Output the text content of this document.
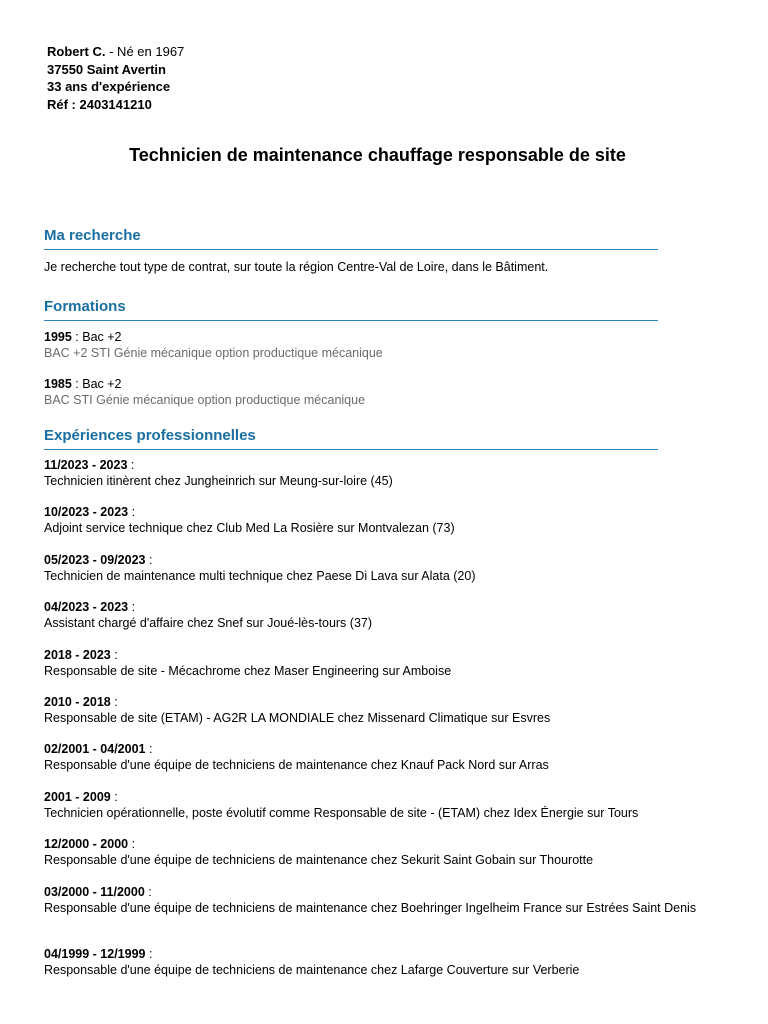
Robert C. - Né en 1967
37550 Saint Avertin
33 ans d'expérience
Réf : 2403141210
Technicien de maintenance chauffage responsable de site
Ma recherche

Je recherche tout type de contrat, sur toute la région Centre-Val de Loire, dans le Bâtiment.

Formations
1995 : Bac +2
BAC +2 STI Génie mécanique option productique mécanique
1985 : Bac +2
BAC STI Génie mécanique option productique mécanique
Expériences professionnelles
11/2023 - 2023 :
Technicien itinèrent chez Jungheinrich sur Meung-sur-loire (45)
10/2023 - 2023 :
Adjoint service technique chez Club Med La Rosière sur Montvalezan (73)
05/2023 - 09/2023 :
Technicien de maintenance multi technique chez Paese Di Lava sur Alata (20)
04/2023 - 2023 :
Assistant chargé d'affaire chez Snef sur Joué-lès-tours (37)
2018 - 2023 :
Responsable de site - Mécachrome chez Maser Engineering sur Amboise
2010 - 2018 :
Responsable de site (ETAM) - AG2R LA MONDIALE chez Missenard Climatique sur Esvres
02/2001 - 04/2001 :
Responsable d'une équipe de techniciens de maintenance chez Knauf Pack Nord sur Arras
2001 - 2009 :
Technicien opérationnelle, poste évolutif comme Responsable de site - (ETAM) chez Idex Énergie sur Tours
12/2000 - 2000 :
Responsable d'une équipe de techniciens de maintenance chez Sekurit Saint Gobain sur Thourotte
03/2000 - 11/2000 :
Responsable d'une équipe de techniciens de maintenance chez Boehringer Ingelheim France sur Estrées Saint Denis
04/1999 - 12/1999 :
Responsable d'une équipe de techniciens de maintenance chez Lafarge Couverture sur Verberie
